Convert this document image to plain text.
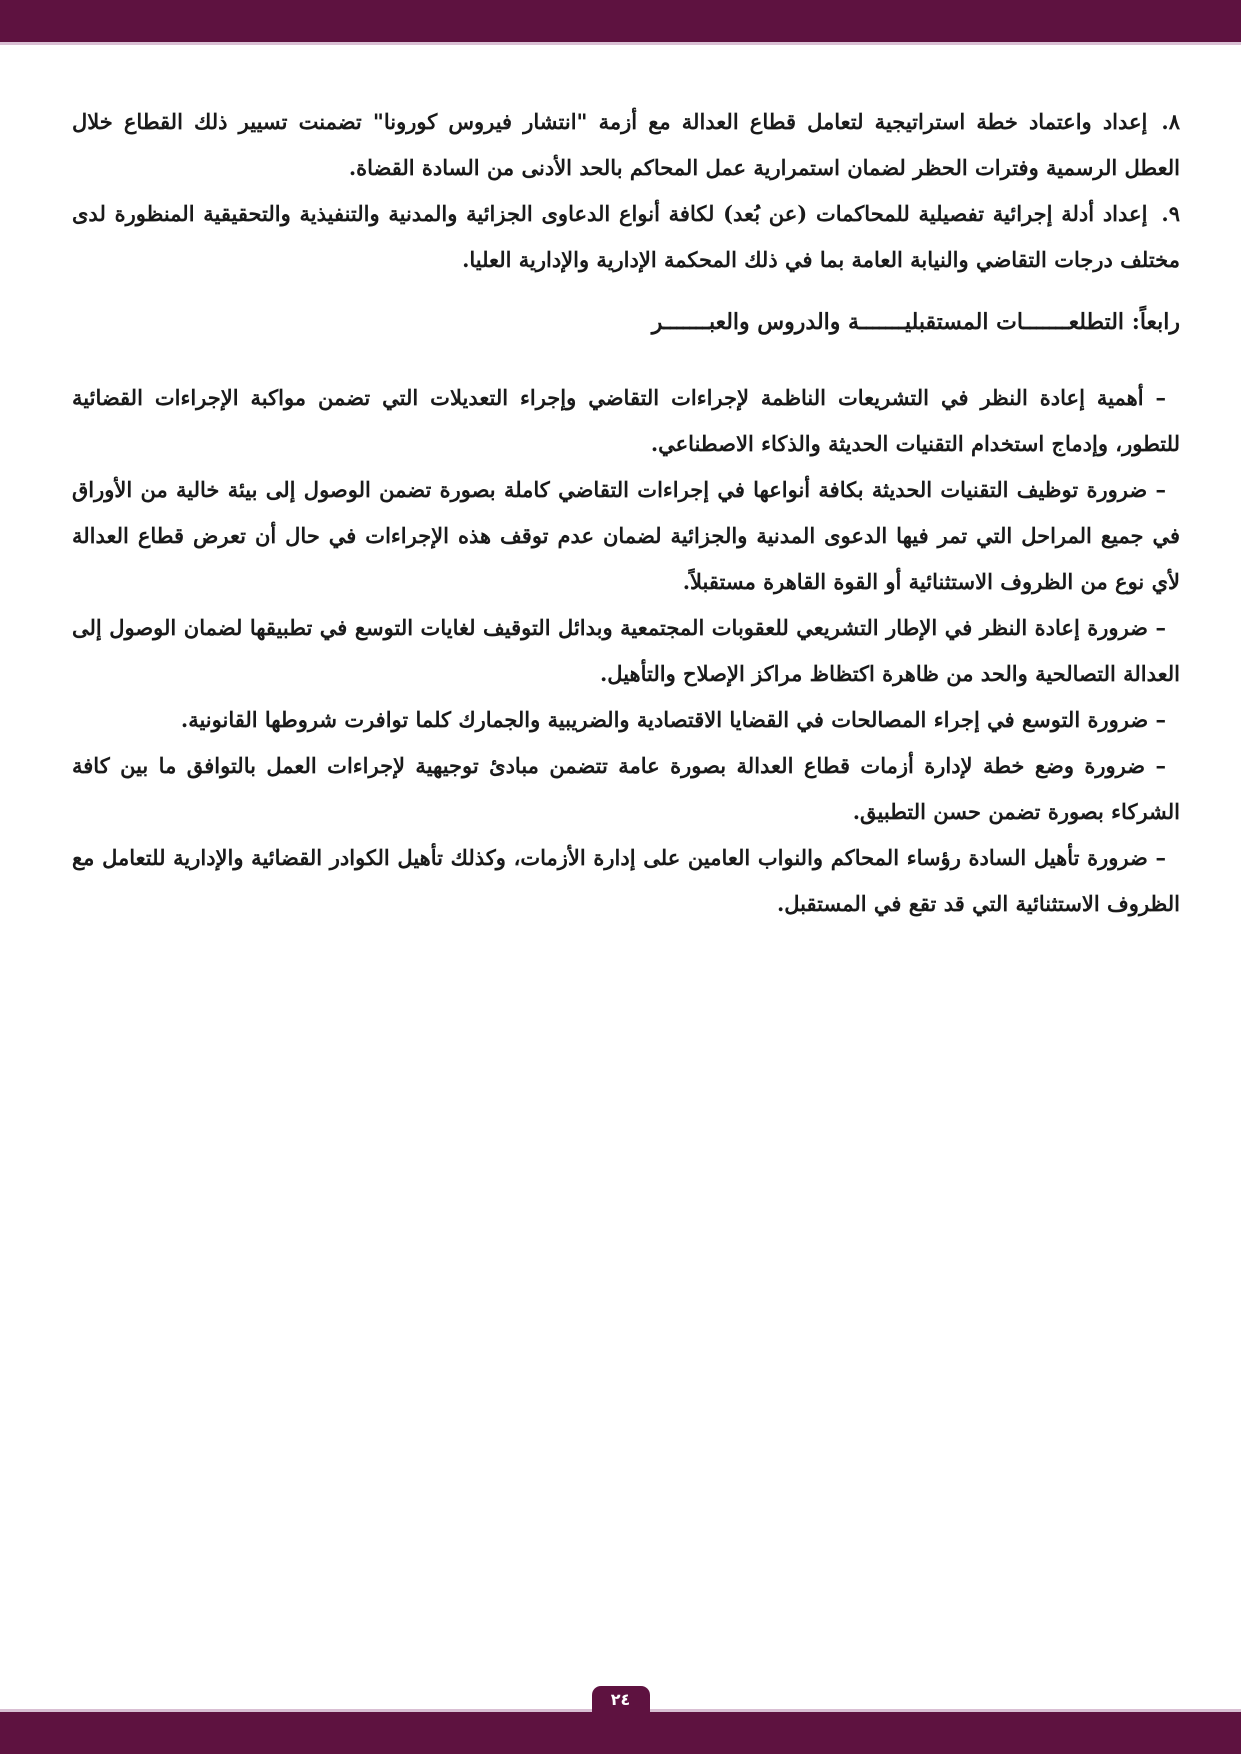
٨.إعداد واعتماد خطة استراتيجية لتعامل قطاع العدالة مع أزمة "انتشار فيروس كورونا" تضمنت تسيير ذلك القطاع خلال العطل الرسمية وفترات الحظر لضمان استمرارية عمل المحاكم بالحد الأدنى من السادة القضاة.

٩.إعداد أدلة إجرائية تفصيلية للمحاكمات (عن بُعد) لكافة أنواع الدعاوى الجزائية والمدنية والتنفيذية والتحقيقية المنظورة لدى مختلف درجات التقاضي والنيابة العامة بما في ذلك المحكمة الإدارية والإدارية العليا.

رابعاً: التطلعـــــــات المستقبليـــــــة والدروس والعبـــــــر

– أهمية إعادة النظر في التشريعات الناظمة لإجراءات التقاضي وإجراء التعديلات التي تضمن مواكبة الإجراءات القضائية للتطور، وإدماج استخدام التقنيات الحديثة والذكاء الاصطناعي.

– ضرورة توظيف التقنيات الحديثة بكافة أنواعها في إجراءات التقاضي كاملة بصورة تضمن الوصول إلى بيئة خالية من الأوراق في جميع المراحل التي تمر فيها الدعوى المدنية والجزائية لضمان عدم توقف هذه الإجراءات في حال أن تعرض قطاع العدالة لأي نوع من الظروف الاستثنائية أو القوة القاهرة مستقبلاً.

– ضرورة إعادة النظر في الإطار التشريعي للعقوبات المجتمعية وبدائل التوقيف لغايات التوسع في تطبيقها لضمان الوصول إلى العدالة التصالحية والحد من ظاهرة اكتظاظ مراكز الإصلاح والتأهيل.

– ضرورة التوسع في إجراء المصالحات في القضايا الاقتصادية والضريبية والجمارك كلما توافرت شروطها القانونية.

– ضرورة وضع خطة لإدارة أزمات قطاع العدالة بصورة عامة تتضمن مبادئ توجيهية لإجراءات العمل بالتوافق ما بين كافة الشركاء بصورة تضمن حسن التطبيق.

– ضرورة تأهيل السادة رؤساء المحاكم والنواب العامين على إدارة الأزمات، وكذلك تأهيل الكوادر القضائية والإدارية للتعامل مع الظروف الاستثنائية التي قد تقع في المستقبل.

٢٤
